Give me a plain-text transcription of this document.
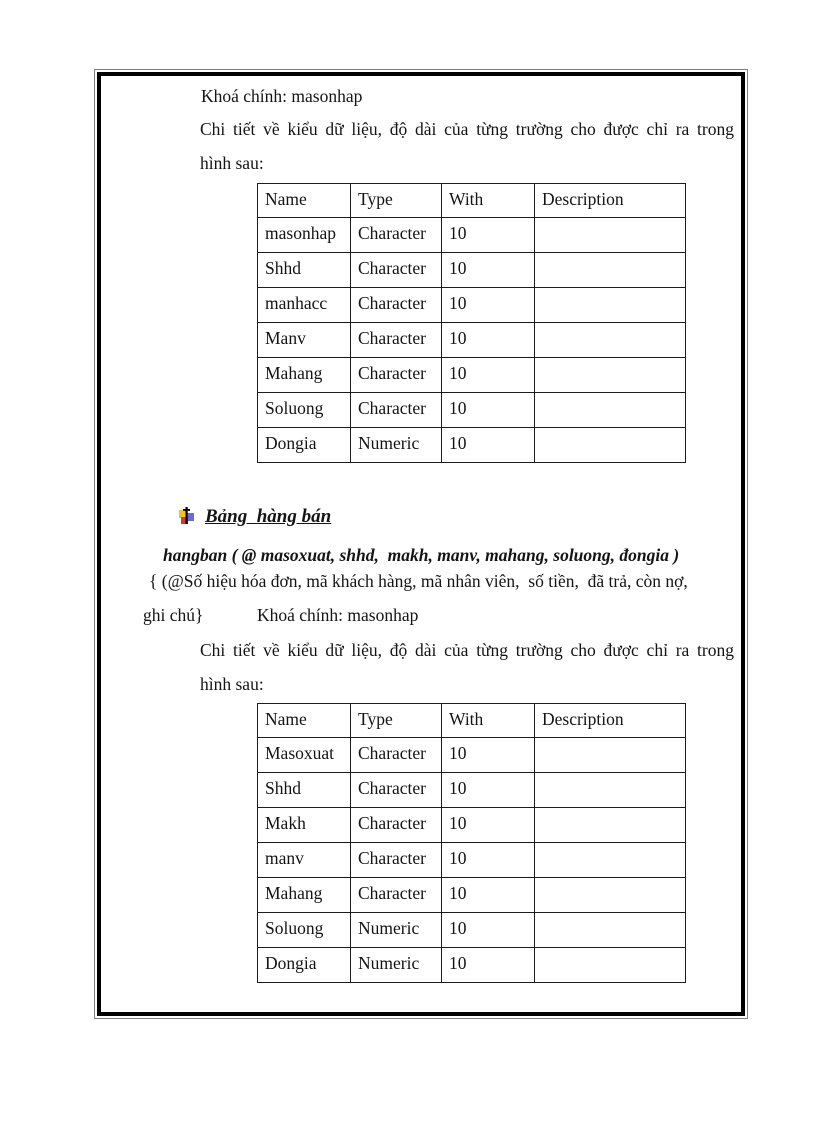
Khoá chính: masonhap
Chi tiết về kiểu dữ liệu, độ dài của từng trường cho được chỉ ra trong
hình sau:
Name	Type	With	Description
masonhap	Character	10	
Shhd	Character	10	
manhacc	Character	10	
Manv	Character	10	
Mahang	Character	10	
Soluong	Character	10	
Dongia	Numeric	10	
Bảng  hàng bán
hangban ( @ masoxuat, shhd,  makh, manv, mahang, soluong, đongia )
{ (@Số hiệu hóa đơn, mã khách hàng, mã nhân viên,  số tiền,  đã trả, còn nợ,
ghi chú}	Khoá chính: masonhap
Chi tiết về kiểu dữ liệu, độ dài của từng trường cho được chỉ ra trong
hình sau:
Name	Type	With	Description
Masoxuat	Character	10	
Shhd	Character	10	
Makh	Character	10	
manv	Character	10	
Mahang	Character	10	
Soluong	Numeric	10	
Dongia	Numeric	10	
